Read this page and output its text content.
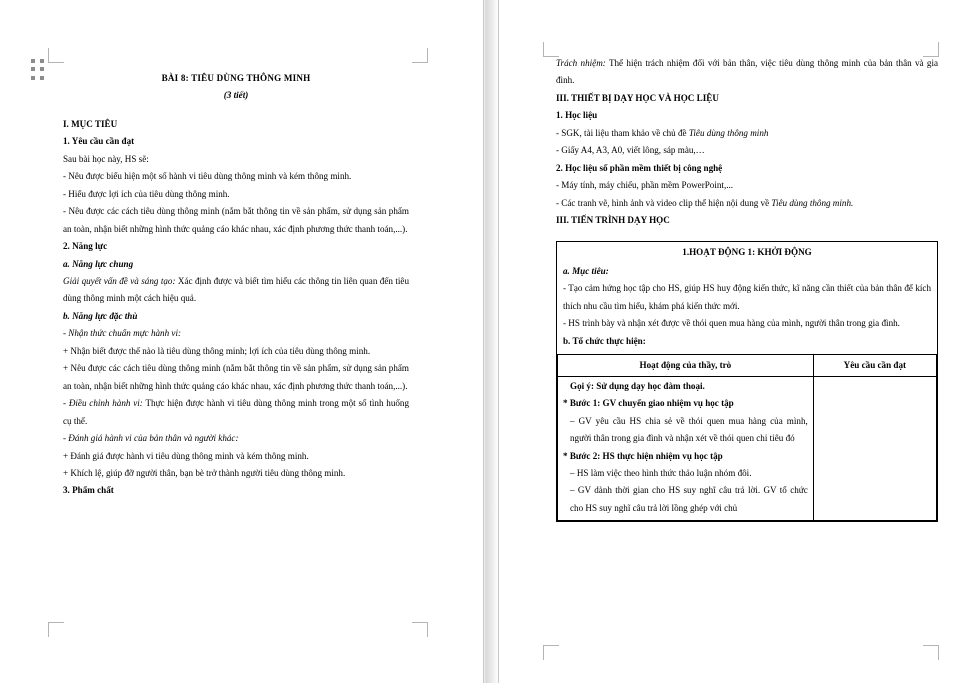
BÀI 8: TIÊU DÙNG THÔNG MINH

(3 tiết)

I. MỤC TIÊU

1. Yêu cầu cần đạt

Sau bài học này, HS sẽ:

- Nêu được biểu hiện một số hành vi tiêu dùng thông minh và kém thông minh.

- Hiểu được lợi ích của tiêu dùng thông minh.

- Nêu được các cách tiêu dùng thông minh (nắm bắt thông tin về sản phẩm, sử dụng sản phẩm an toàn, nhận biết những hình thức quảng cáo khác nhau, xác định phương thức thanh toán,...).

2. Năng lực

a. Năng lực chung

Giải quyết vấn đề và sáng tạo: Xác định được và biết tìm hiểu các thông tin liên quan đến tiêu dùng thông minh một cách hiệu quả.

b. Năng lực đặc thù

- Nhận thức chuẩn mực hành vi:

+ Nhận biết được thế nào là tiêu dùng thông minh; lợi ích của tiêu dùng thông minh.

+ Nêu được các cách tiêu dùng thông minh (nắm bắt thông tin về sản phẩm, sử dụng sản phẩm an toàn, nhận biết những hình thức quảng cáo khác nhau, xác định phương thức thanh toán,...).

- Điều chỉnh hành vi: Thực hiện được hành vi tiêu dùng thông minh trong một số tình huống cụ thể.

- Đánh giá hành vi của bản thân và người khác:

+ Đánh giá được hành vi tiêu dùng thông minh và kém thông minh.

+ Khích lệ, giúp đỡ người thân, bạn bè trở thành người tiêu dùng thông minh.

3. Phẩm chất

Trách nhiệm: Thể hiện trách nhiệm đối với bản thân, việc tiêu dùng thông minh của bản thân và gia đình.

III. THIẾT BỊ DẠY HỌC VÀ HỌC LIỆU

1. Học liệu

- SGK, tài liệu tham khảo về chủ đề Tiêu dùng thông minh

- Giấy A4, A3, A0, viết lông, sáp màu,…

2. Học liệu số phần mềm thiết bị công nghệ

- Máy tính, máy chiếu, phần mềm PowerPoint,...

- Các tranh vẽ, hình ảnh và video clip thể hiện nội dung về Tiêu dùng thông minh.

III. TIẾN TRÌNH DẠY HỌC

1.HOẠT ĐỘNG 1: KHỞI ĐỘNG

a. Mục tiêu:

- Tạo cảm hứng học tập cho HS, giúp HS huy động kiến thức, kĩ năng cần thiết của bản thân để kích thích nhu cầu tìm hiểu, khám phá kiến thức mới.

- HS trình bày và nhận xét được về thói quen mua hàng của mình, người thân trong gia đình.

b. Tổ chức thực hiện:

Hoạt động của thầy, trò	Yêu cầu cần đạt

Gọi ý: Sử dụng dạy học đàm thoại.

* Bước 1: GV chuyển giao nhiệm vụ học tập

– GV yêu cầu HS chia sẻ về thói quen mua hàng của mình, người thân trong gia đình và nhận xét về thói quen chi tiêu đó

* Bước 2: HS thực hiện nhiệm vụ học tập

– HS làm việc theo hình thức thảo luận nhóm đôi.

– GV dành thời gian cho HS suy nghĩ câu trả lời. GV tổ chức cho HS suy nghĩ câu trả lời lồng ghép với chủ
